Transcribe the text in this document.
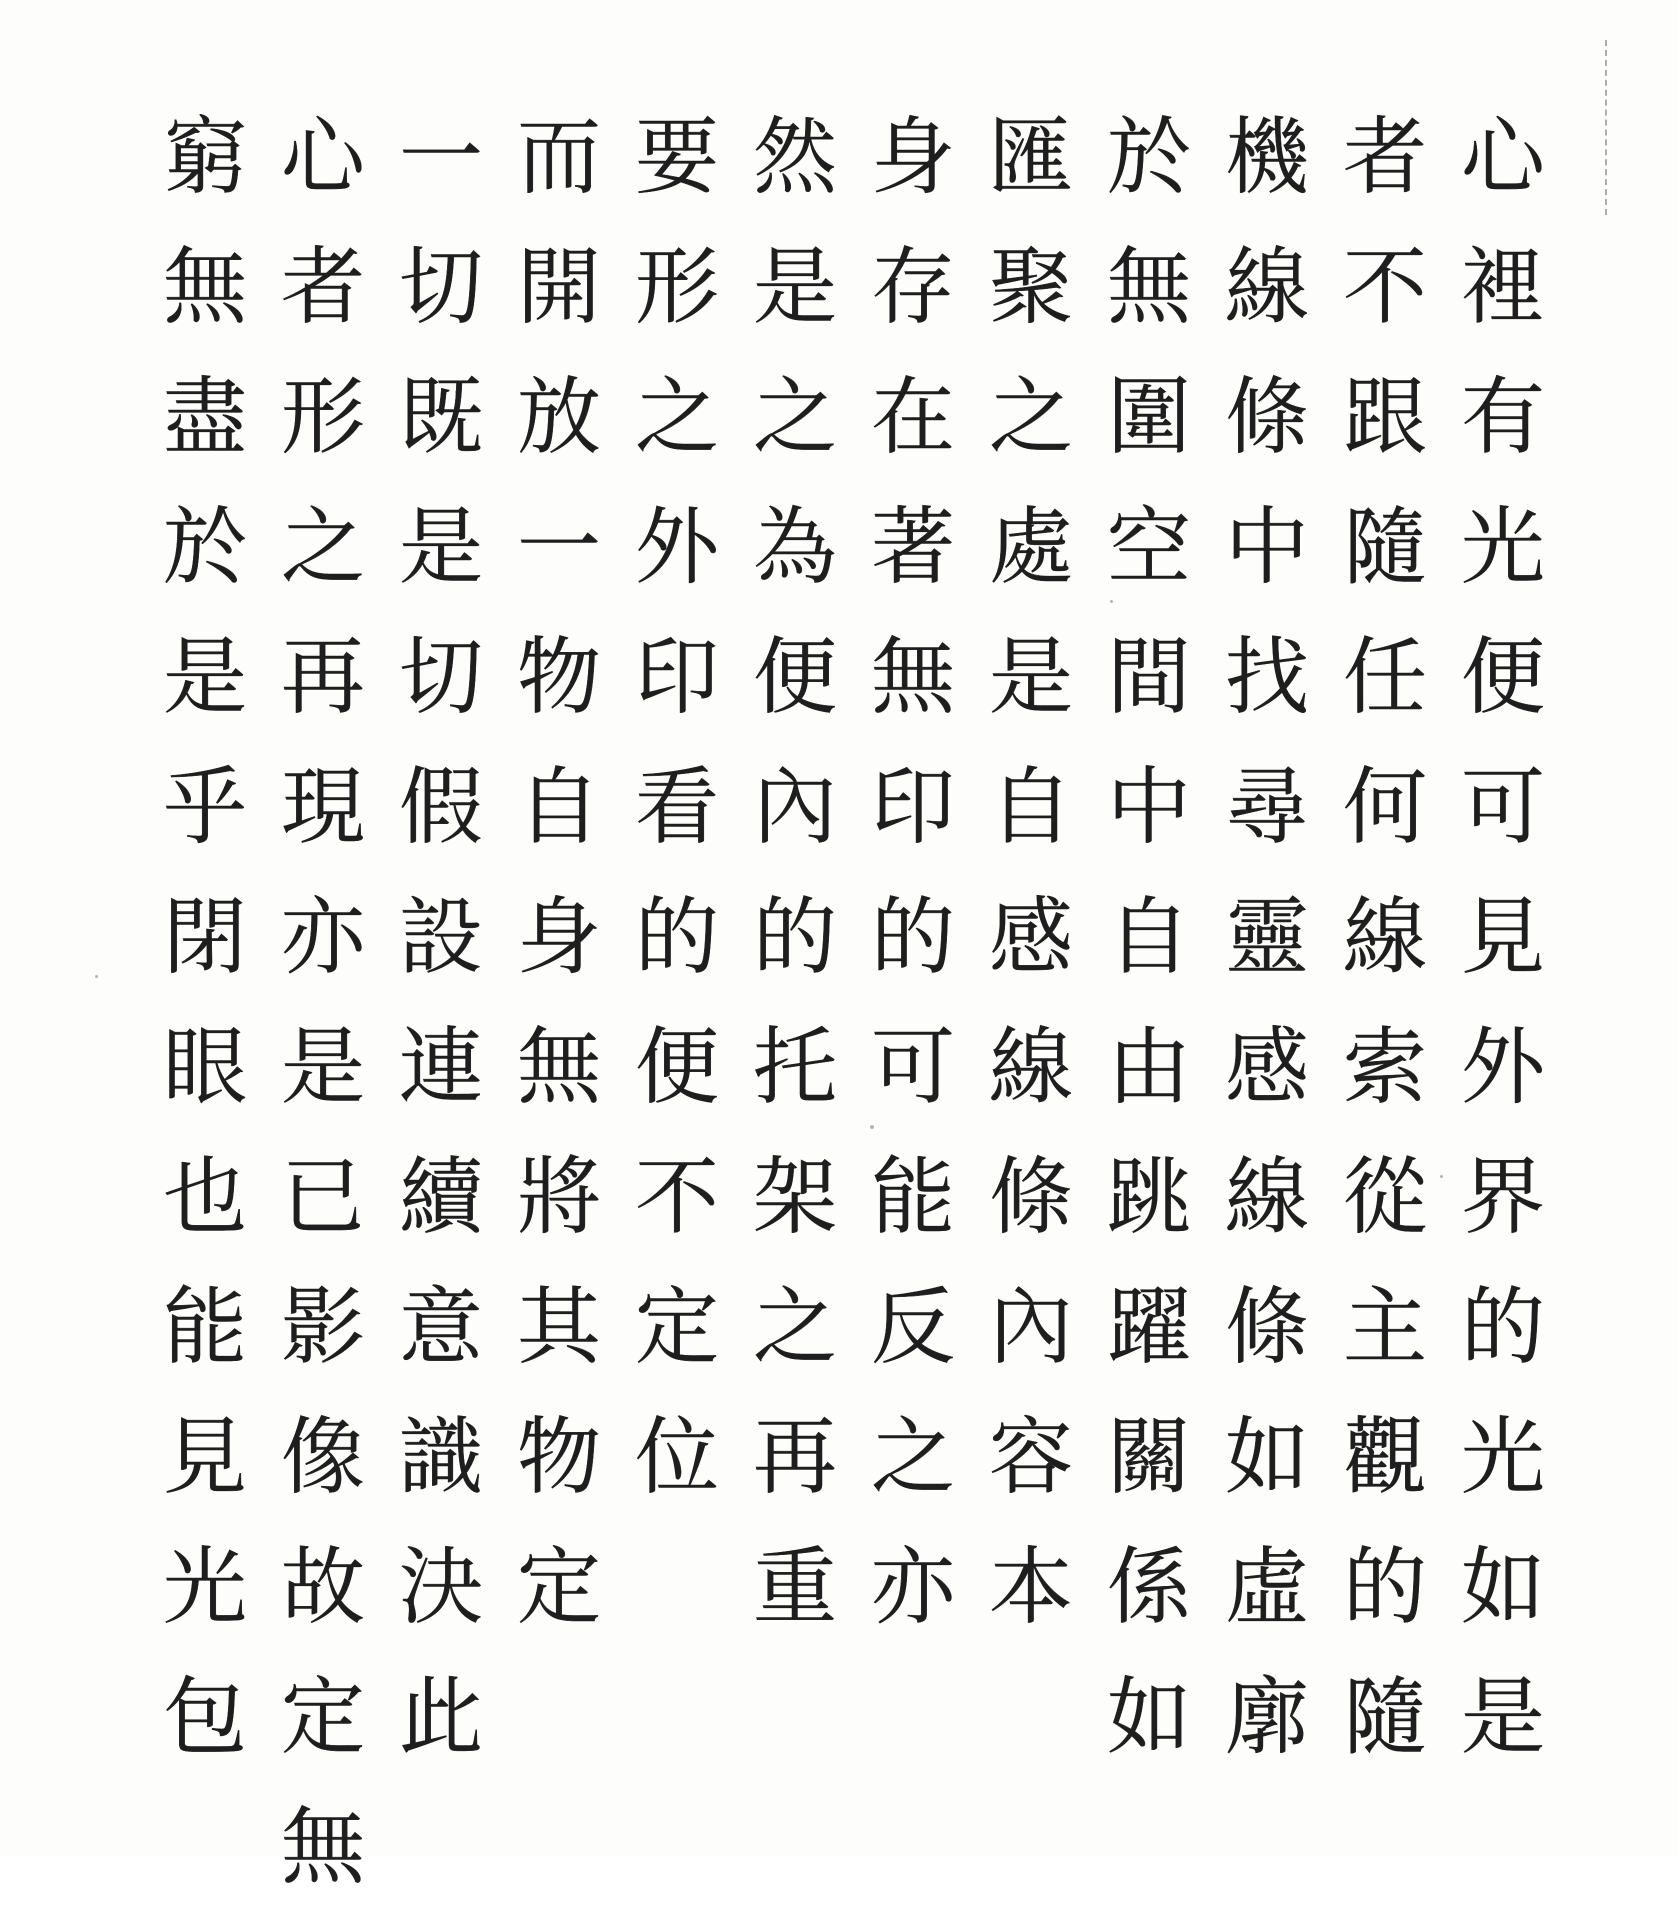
心
裡
有
光
便
可
見
外
界
的
光
如
是
者
不
跟
隨
任
何
線
索
從
主
觀
的
隨
機
線
條
中
找
尋
靈
感
線
條
如
虛
廓
於
無
圍
空
間
中
自
由
跳
躍
關
係
如
匯
聚
之
處
是
自
感
線
條
內
容
本
身
存
在
著
無
印
的
可
能
反
之
亦
然
是
之
為
便
內
的
托
架
之
再
重
要
形
之
外
印
看
的
便
不
定
位
而
開
放
一
物
自
身
無
將
其
物
定
一
切
既
是
切
假
設
連
續
意
識
決
此
心
者
形
之
再
現
亦
是
已
影
像
故
定
無
窮
無
盡
於
是
乎
閉
眼
也
能
見
光
包
